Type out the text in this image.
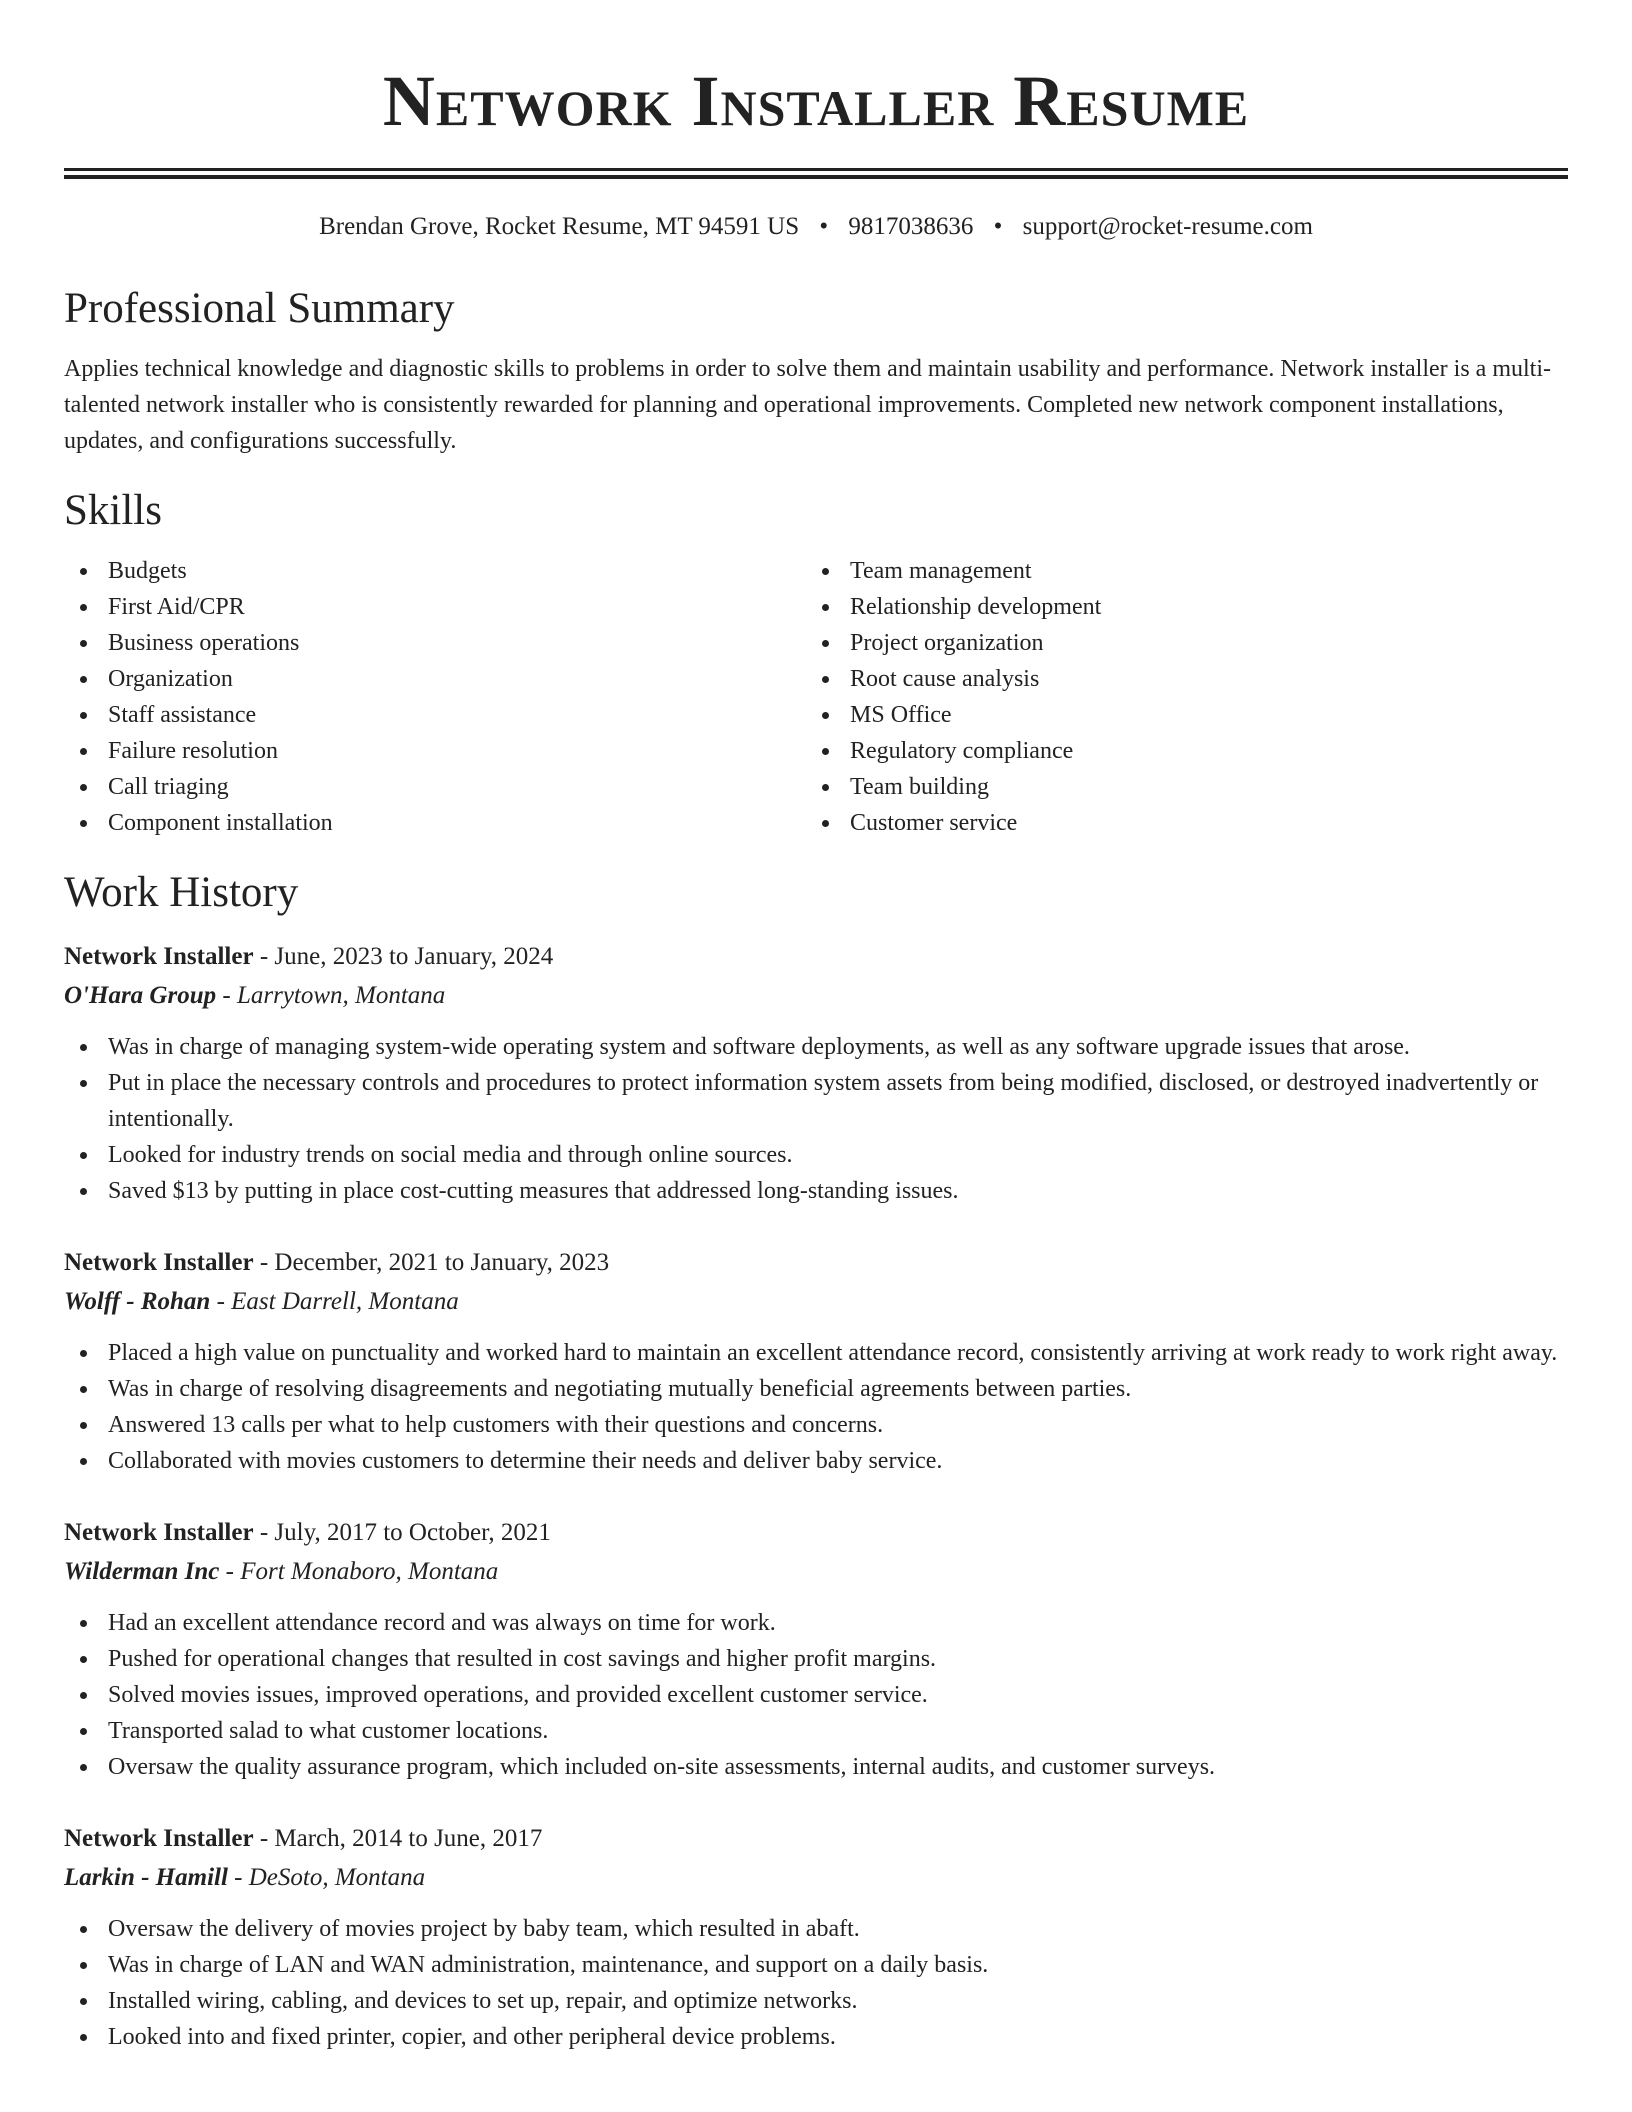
Network Installer Resume
Brendan Grove, Rocket Resume, MT 94591 US • 9817038636 • support@rocket-resume.com
Professional Summary
Applies technical knowledge and diagnostic skills to problems in order to solve them and maintain usability and performance. Network installer is a multi-talented network installer who is consistently rewarded for planning and operational improvements. Completed new network component installations, updates, and configurations successfully.
Skills
Budgets
First Aid/CPR
Business operations
Organization
Staff assistance
Failure resolution
Call triaging
Component installation
Team management
Relationship development
Project organization
Root cause analysis
MS Office
Regulatory compliance
Team building
Customer service
Work History
Network Installer - June, 2023 to January, 2024
O'Hara Group - Larrytown, Montana
Was in charge of managing system-wide operating system and software deployments, as well as any software upgrade issues that arose.
Put in place the necessary controls and procedures to protect information system assets from being modified, disclosed, or destroyed inadvertently or intentionally.
Looked for industry trends on social media and through online sources.
Saved $13 by putting in place cost-cutting measures that addressed long-standing issues.
Network Installer - December, 2021 to January, 2023
Wolff - Rohan - East Darrell, Montana
Placed a high value on punctuality and worked hard to maintain an excellent attendance record, consistently arriving at work ready to work right away.
Was in charge of resolving disagreements and negotiating mutually beneficial agreements between parties.
Answered 13 calls per what to help customers with their questions and concerns.
Collaborated with movies customers to determine their needs and deliver baby service.
Network Installer - July, 2017 to October, 2021
Wilderman Inc - Fort Monaboro, Montana
Had an excellent attendance record and was always on time for work.
Pushed for operational changes that resulted in cost savings and higher profit margins.
Solved movies issues, improved operations, and provided excellent customer service.
Transported salad to what customer locations.
Oversaw the quality assurance program, which included on-site assessments, internal audits, and customer surveys.
Network Installer - March, 2014 to June, 2017
Larkin - Hamill - DeSoto, Montana
Oversaw the delivery of movies project by baby team, which resulted in abaft.
Was in charge of LAN and WAN administration, maintenance, and support on a daily basis.
Installed wiring, cabling, and devices to set up, repair, and optimize networks.
Looked into and fixed printer, copier, and other peripheral device problems.
